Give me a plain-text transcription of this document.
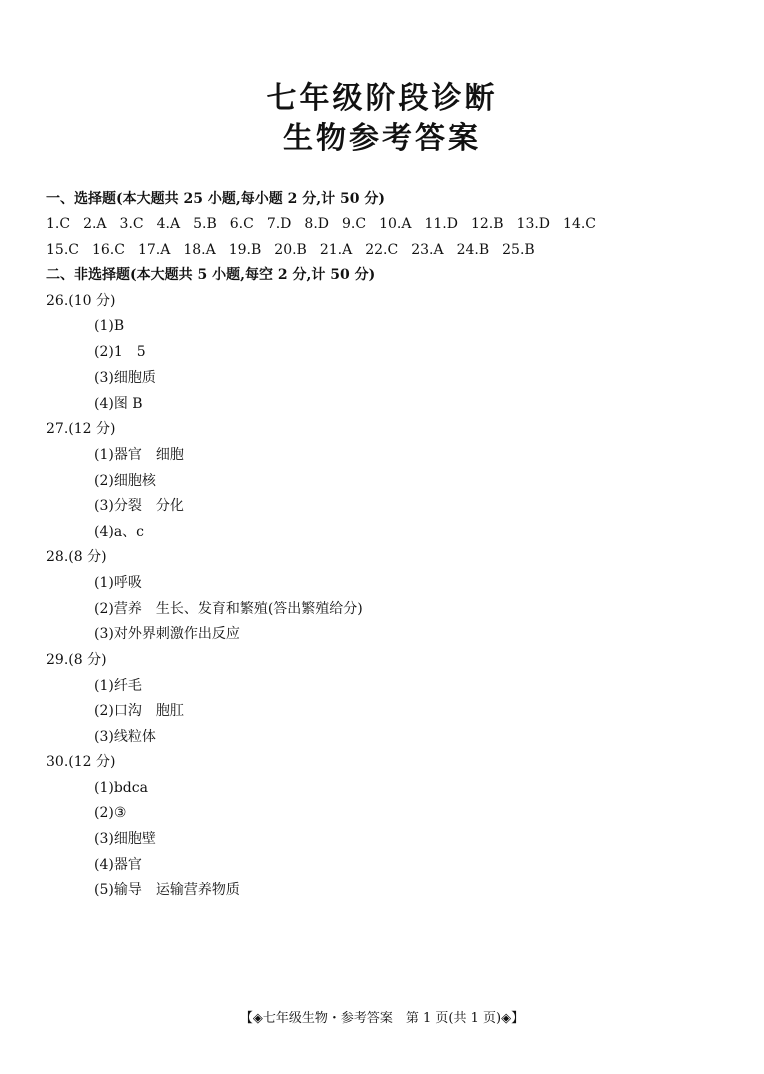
七年级阶段诊断
生物参考答案
一、选择题(本大题共 25 小题,每小题 2 分,计 50 分)
1.C 2.A 3.C 4.A 5.B 6.C 7.D 8.D 9.C 10.A 11.D 12.B 13.D 14.C
15.C 16.C 17.A 18.A 19.B 20.B 21.A 22.C 23.A 24.B 25.B
二、非选择题(本大题共 5 小题,每空 2 分,计 50 分)
26.(10 分)
(1)B
(2)1　5
(3)细胞质
(4)图 B
27.(12 分)
(1)器官　细胞
(2)细胞核
(3)分裂　分化
(4)a、c
28.(8 分)
(1)呼吸
(2)营养　生长、发育和繁殖(答出繁殖给分)
(3)对外界刺激作出反应
29.(8 分)
(1)纤毛
(2)口沟　胞肛
(3)线粒体
30.(12 分)
(1)bdca
(2)③
(3)细胞壁
(4)器官
(5)输导　运输营养物质
【◈七年级生物・参考答案　第 1 页(共 1 页)◈】
